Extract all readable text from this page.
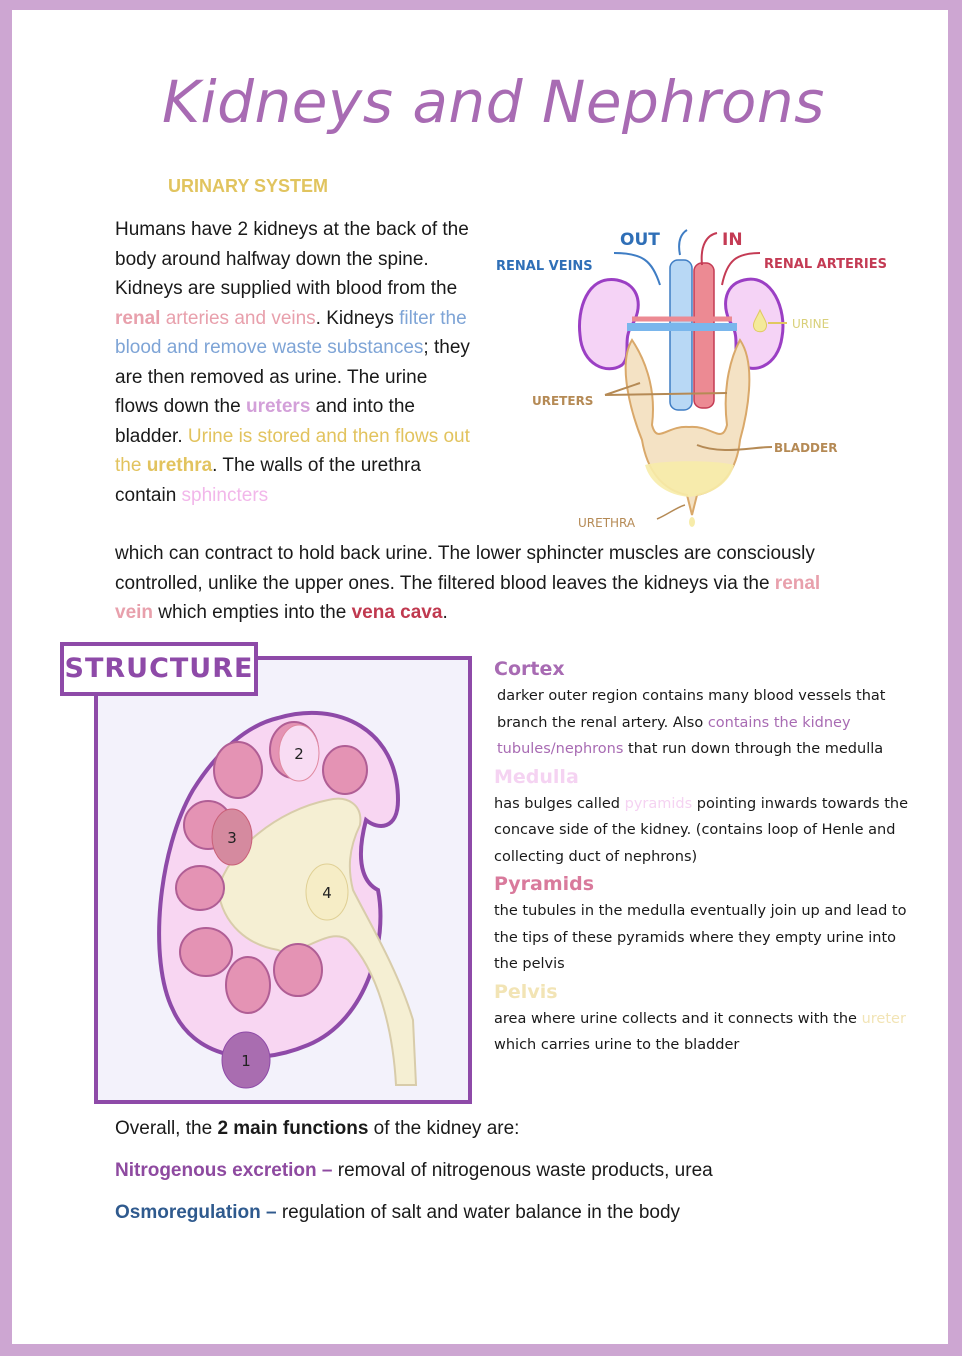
Kidneys and Nephrons
URINARY SYSTEM
Humans have 2 kidneys at the back of the body around halfway down the spine. Kidneys are supplied with blood from the renal arteries and veins. Kidneys filter the blood and remove waste substances; they are then removed as urine. The urine flows down the ureters and into the bladder. Urine is stored and then flows out the urethra. The walls of the urethra contain sphincters
which can contract to hold back urine. The lower sphincter muscles are consciously controlled, unlike the upper ones. The filtered blood leaves the kidneys via the renal vein which empties into the vena cava.
OUT	IN
RENAL VEINS	RENAL ARTERIES
URINE
URETERS
BLADDER
URETHRA
STRUCTURE
1
2
3
4
Cortex
darker outer region contains many blood vessels that branch the renal artery. Also contains the kidney tubules/nephrons that run down through the medulla
Medulla
has bulges called pyramids pointing inwards towards the concave side of the kidney. (contains loop of Henle and collecting duct of nephrons)
Pyramids
the tubules in the medulla eventually join up and lead to the tips of these pyramids where they empty urine into the pelvis
Pelvis
area where urine collects and it connects with the ureter which carries urine to the bladder

Overall, the 2 main functions of the kidney are:

Nitrogenous excretion – removal of nitrogenous waste products, urea

Osmoregulation – regulation of salt and water balance in the body
